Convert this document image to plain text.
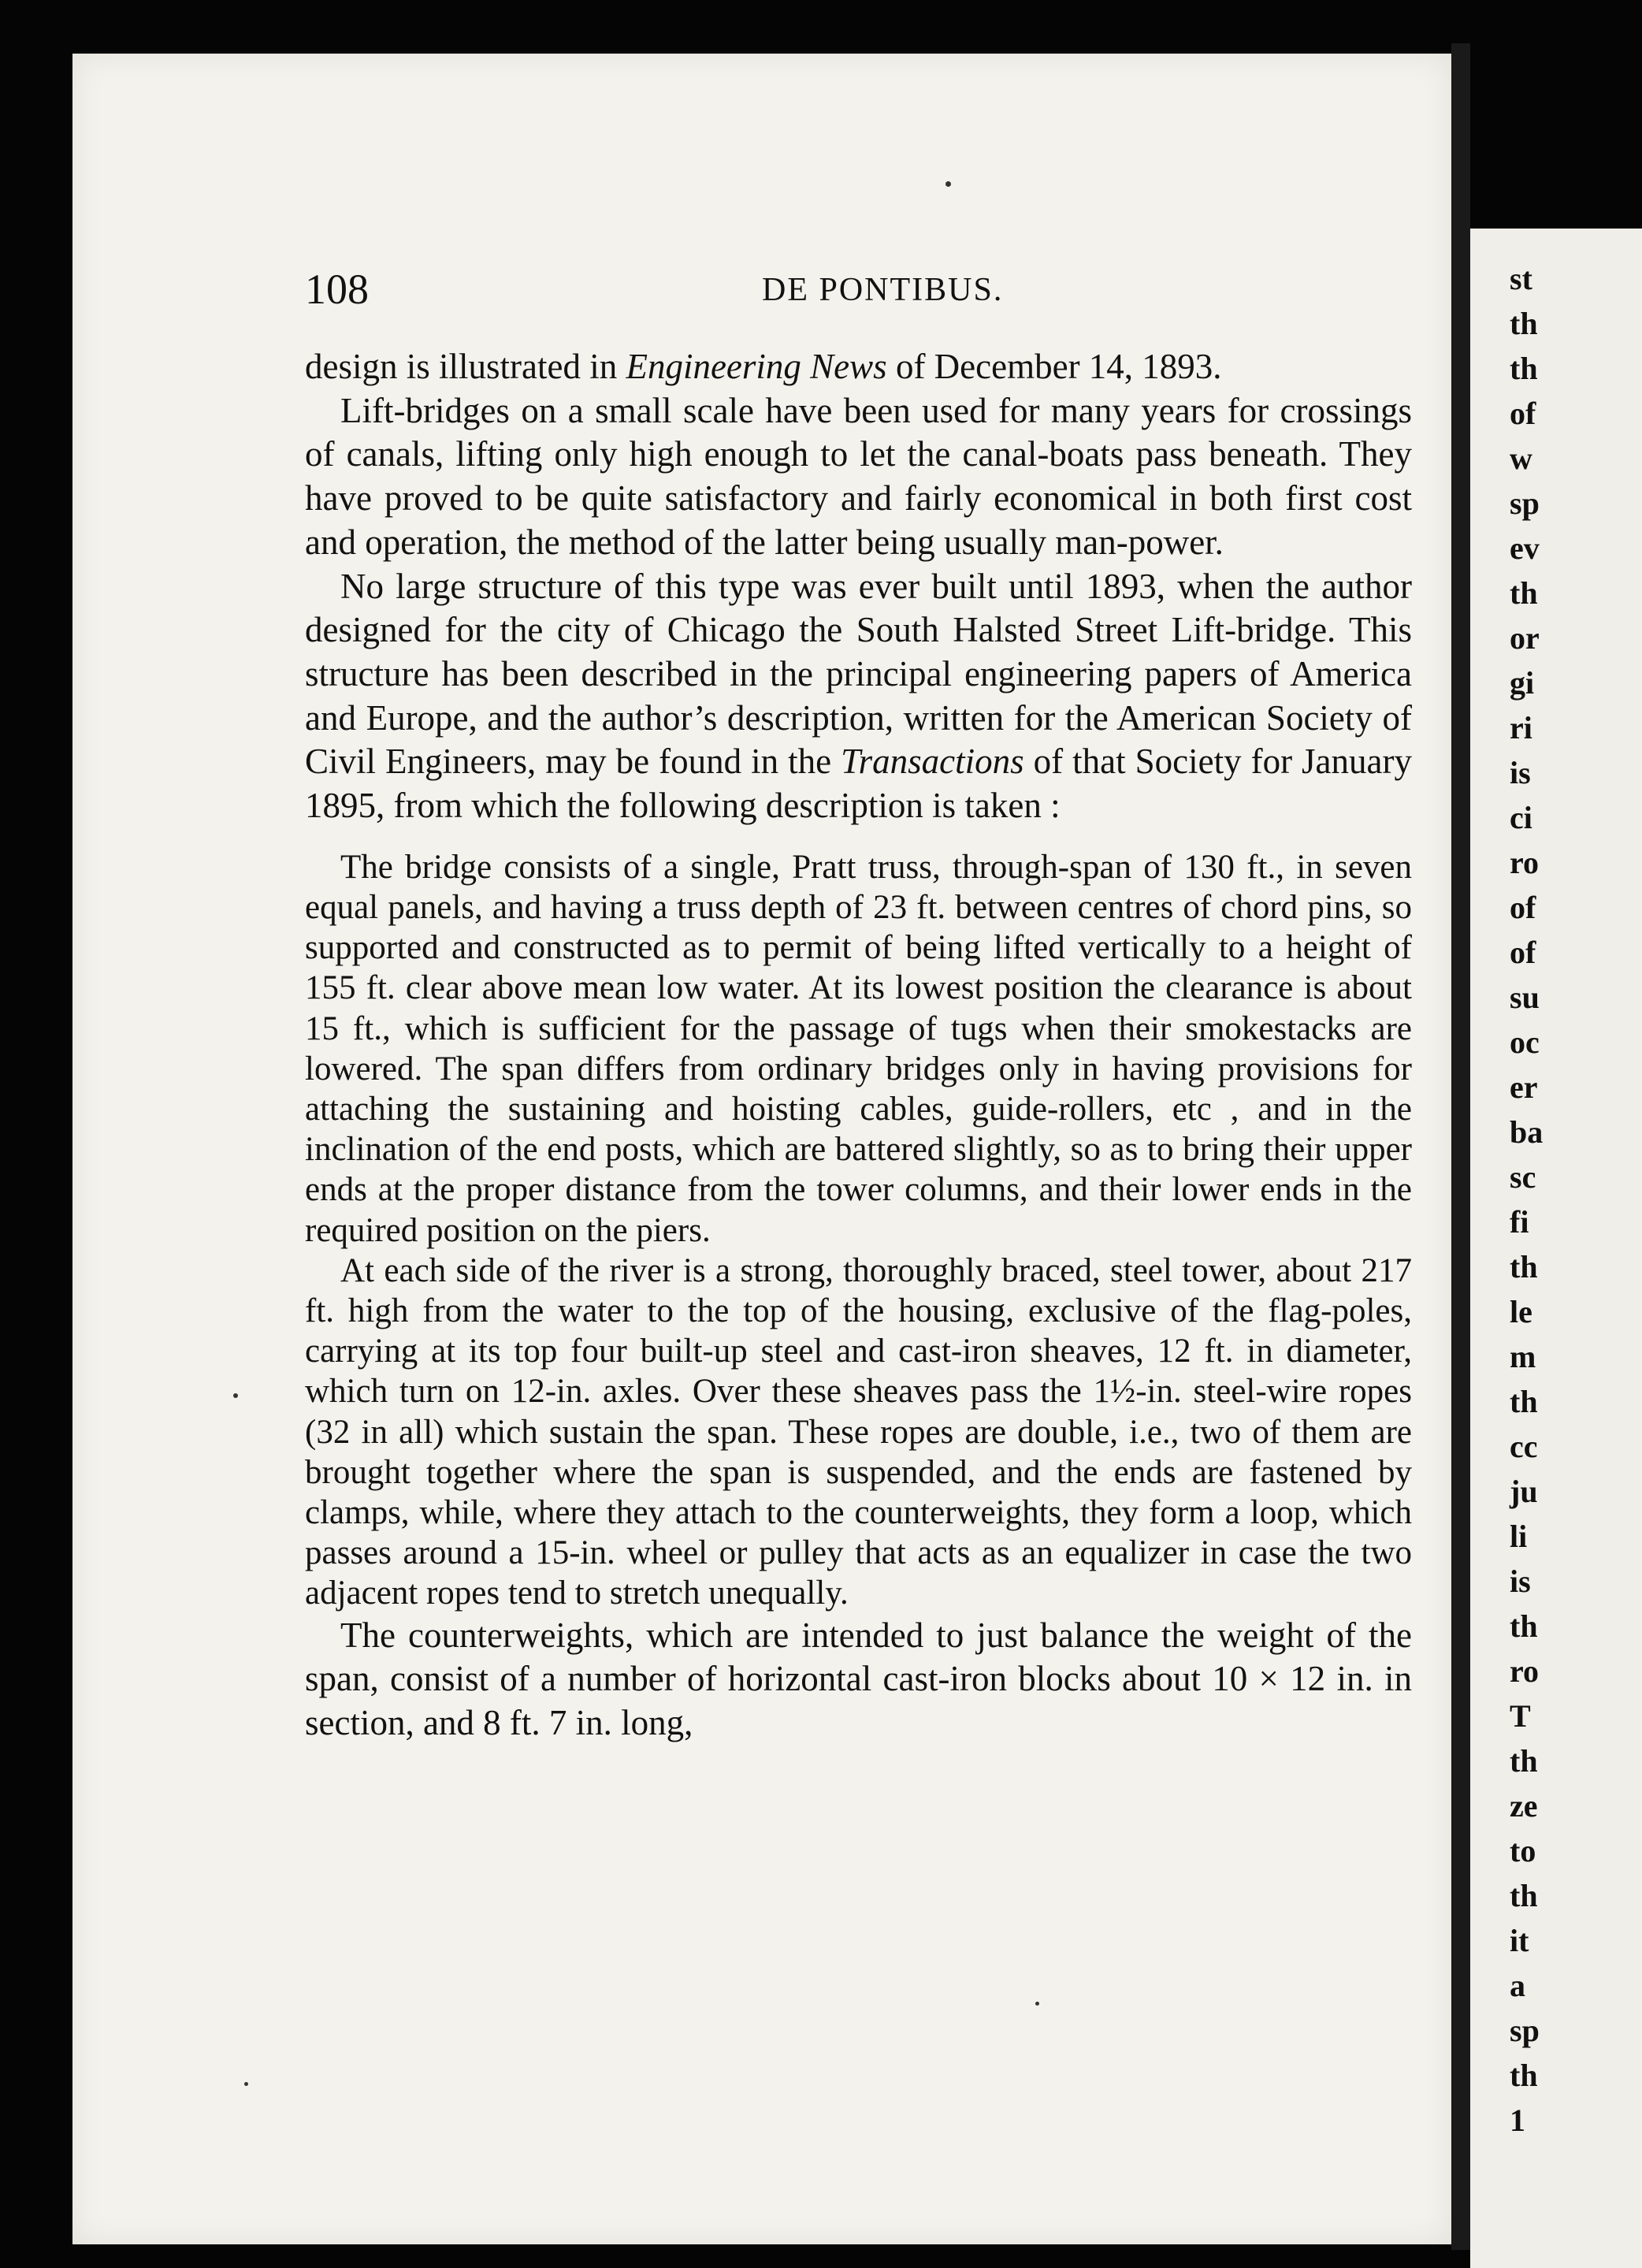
st
th
th
of
w
sp
ev
th
or
gi
ri
is
ci
ro
of
of
su
oc
er
ba
sc
fi
th
le
m
th
cc
ju
li
is
th
ro
T
th
ze
to
th
it
a
sp
th
1
108	DE PONTIBUS.

design is illustrated in Engineering News of December 14, 1893.

Lift-bridges on a small scale have been used for many years for crossings of canals, lifting only high enough to let the canal-boats pass beneath. They have proved to be quite satisfactory and fairly economical in both first cost and operation, the method of the latter being usually man-power.

No large structure of this type was ever built until 1893, when the author designed for the city of Chicago the South Halsted Street Lift-bridge. This structure has been described in the principal engineering papers of America and Europe, and the author’s description, written for the American Society of Civil Engineers, may be found in the Transactions of that Society for January 1895, from which the following description is taken :

The bridge consists of a single, Pratt truss, through-span of 130 ft., in seven equal panels, and having a truss depth of 23 ft. between centres of chord pins, so supported and constructed as to permit of being lifted vertically to a height of 155 ft. clear above mean low water. At its lowest position the clearance is about 15 ft., which is sufficient for the passage of tugs when their smokestacks are lowered. The span differs from ordinary bridges only in having provisions for attaching the sustaining and hoisting cables, guide-rollers, etc , and in the inclination of the end posts, which are battered slightly, so as to bring their upper ends at the proper distance from the tower columns, and their lower ends in the required position on the piers.

At each side of the river is a strong, thoroughly braced, steel tower, about 217 ft. high from the water to the top of the housing, exclusive of the flag-poles, carrying at its top four built-up steel and cast-iron sheaves, 12 ft. in diameter, which turn on 12-in. axles. Over these sheaves pass the 1½-in. steel-wire ropes (32 in all) which sustain the span. These ropes are double, i.e., two of them are brought together where the span is suspended, and the ends are fastened by clamps, while, where they attach to the counterweights, they form a loop, which passes around a 15-in. wheel or pulley that acts as an equalizer in case the two adjacent ropes tend to stretch unequally.

The counterweights, which are intended to just balance the weight of the span, consist of a number of horizontal cast-iron blocks about 10 × 12 in. in section, and 8 ft. 7 in. long,
